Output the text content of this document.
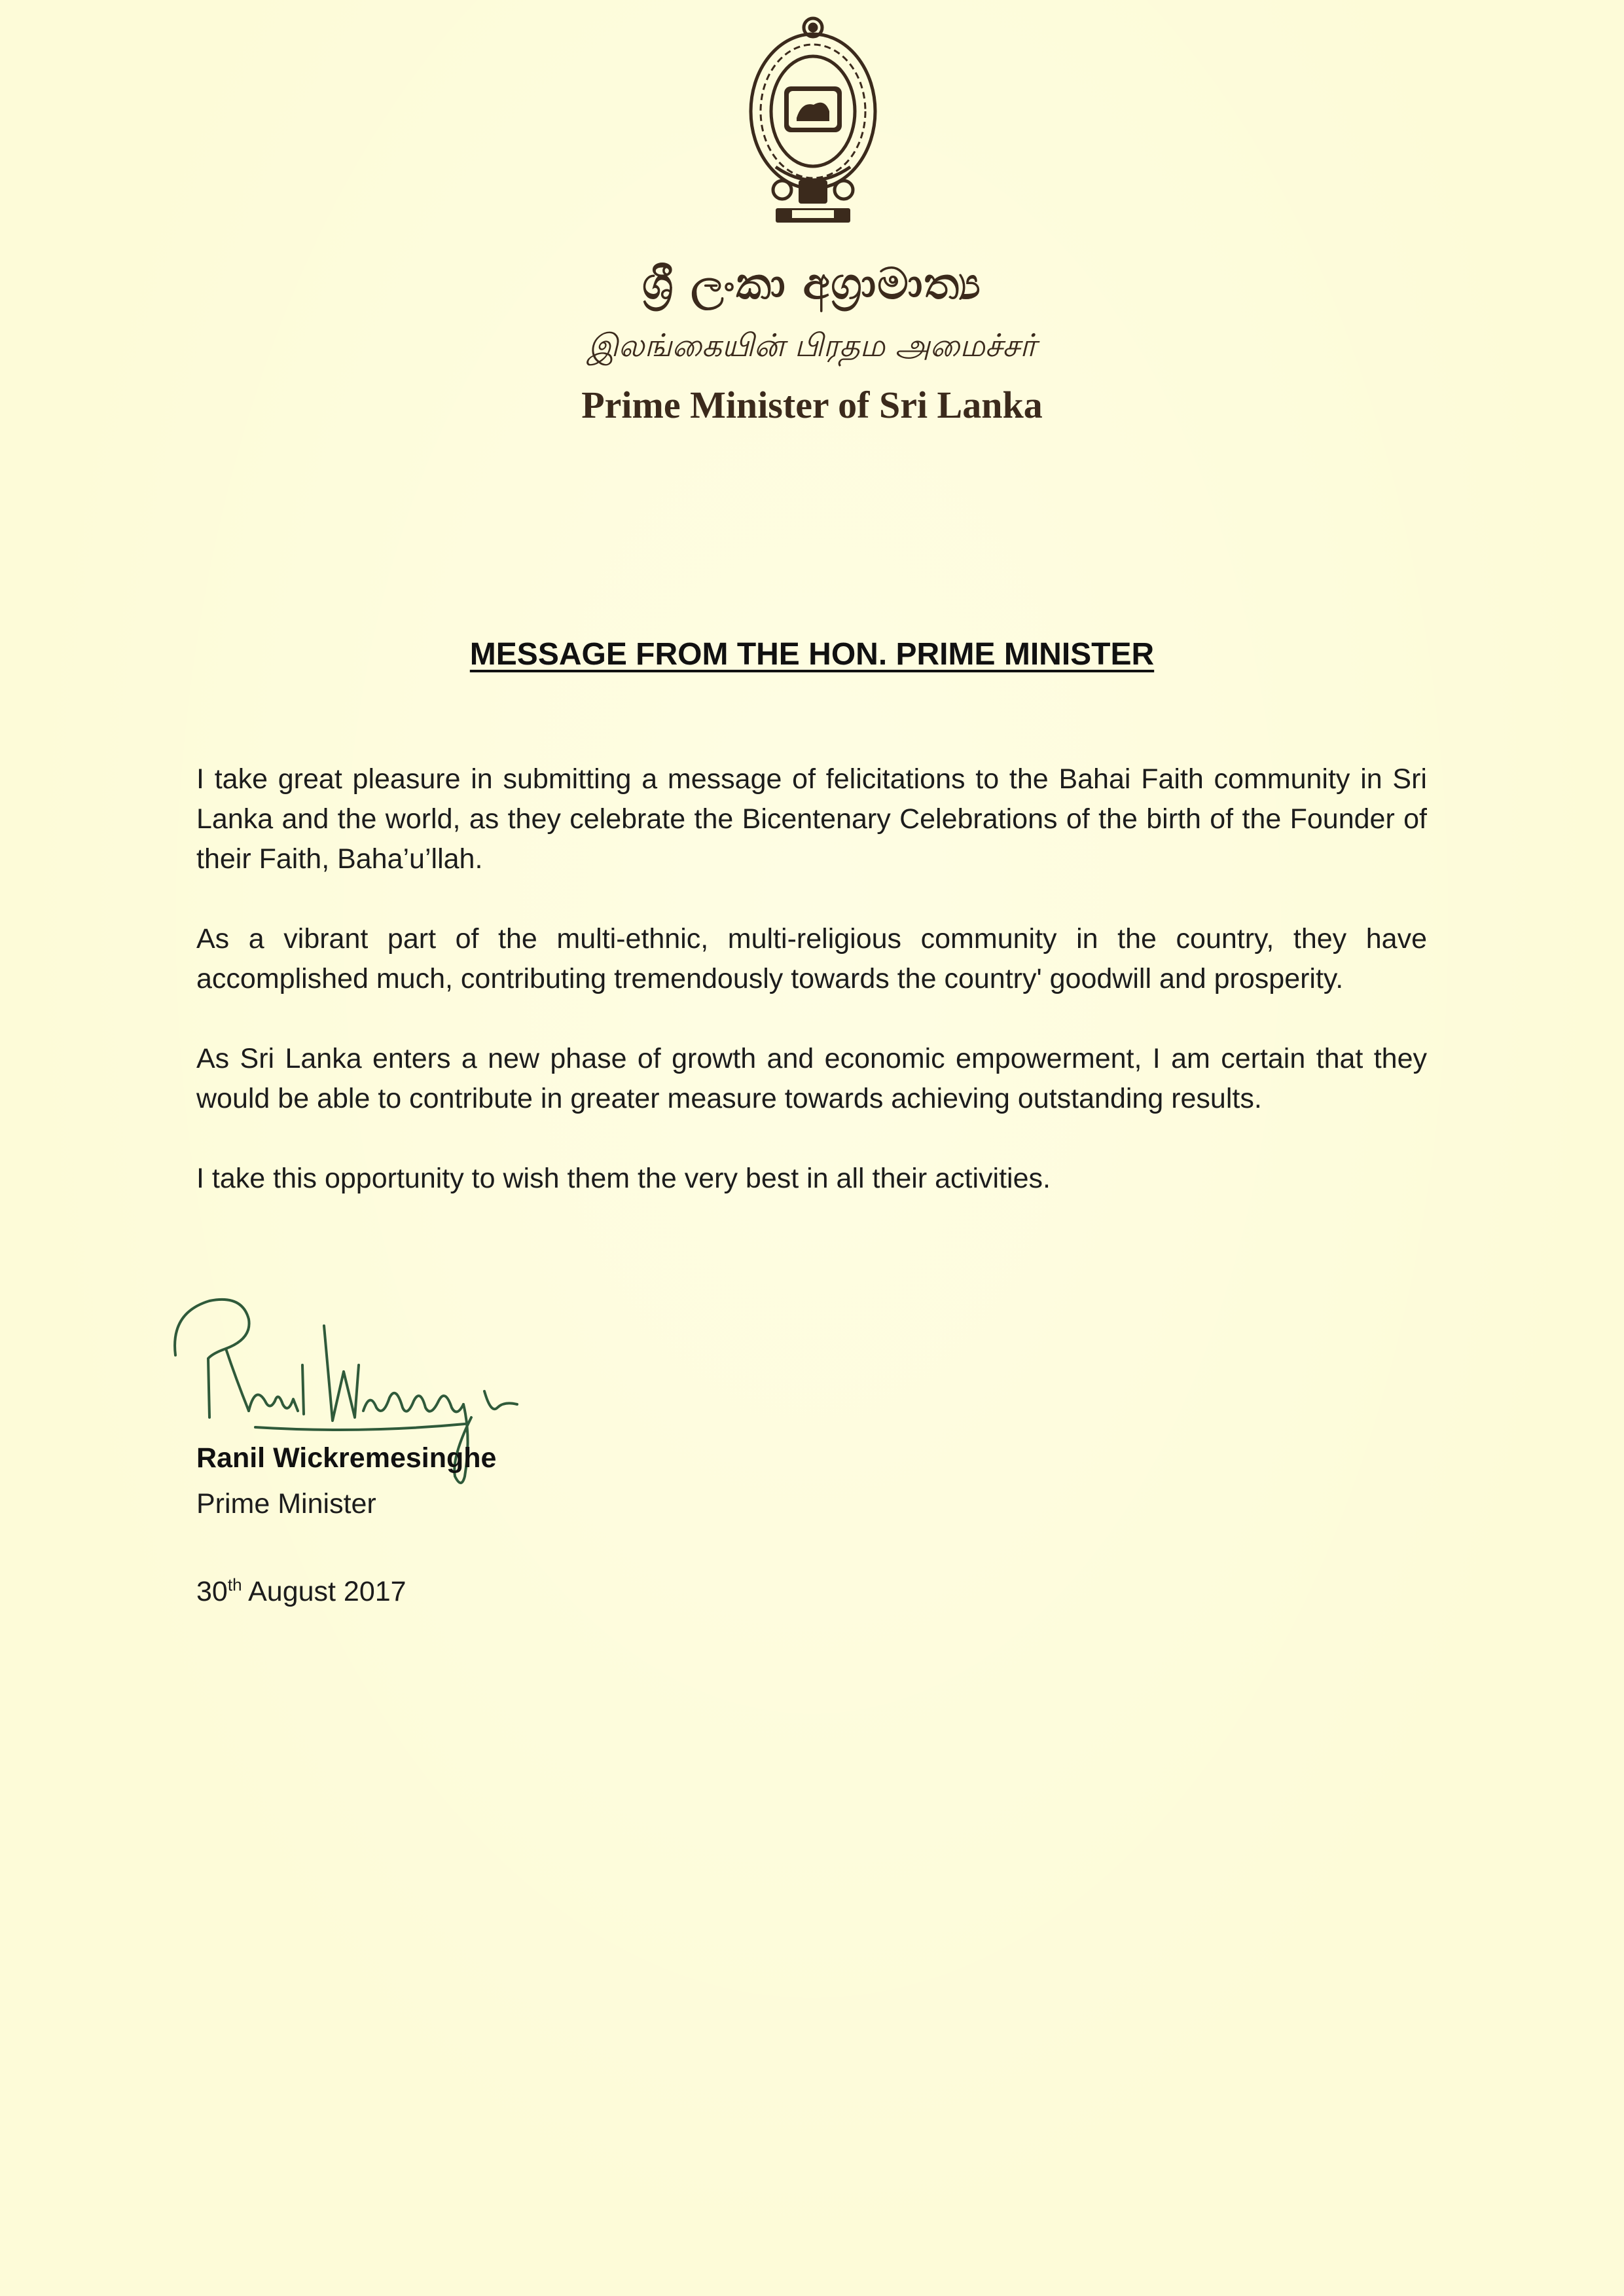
ශ්‍රී ලංකා අග්‍රාමාත්‍ය
இலங்கையின் பிரதம அமைச்சர்
Prime Minister of Sri Lanka
MESSAGE FROM THE HON. PRIME MINISTER

I take great pleasure in submitting a message of felicitations to the Bahai Faith community in Sri Lanka and the world, as they celebrate the Bicentenary Celebrations of the birth of the Founder of their Faith, Baha’u’llah.

As a vibrant part of the multi-ethnic, multi-religious community in the country, they have accomplished much, contributing tremendously towards the country' goodwill and prosperity.

As Sri Lanka enters a new phase of growth and economic empowerment, I am certain that they would be able to contribute in greater measure towards achieving outstanding results.

I take this opportunity to wish them the very best in all their activities.

Ranil Wickremesinghe
Prime Minister
30th August 2017
